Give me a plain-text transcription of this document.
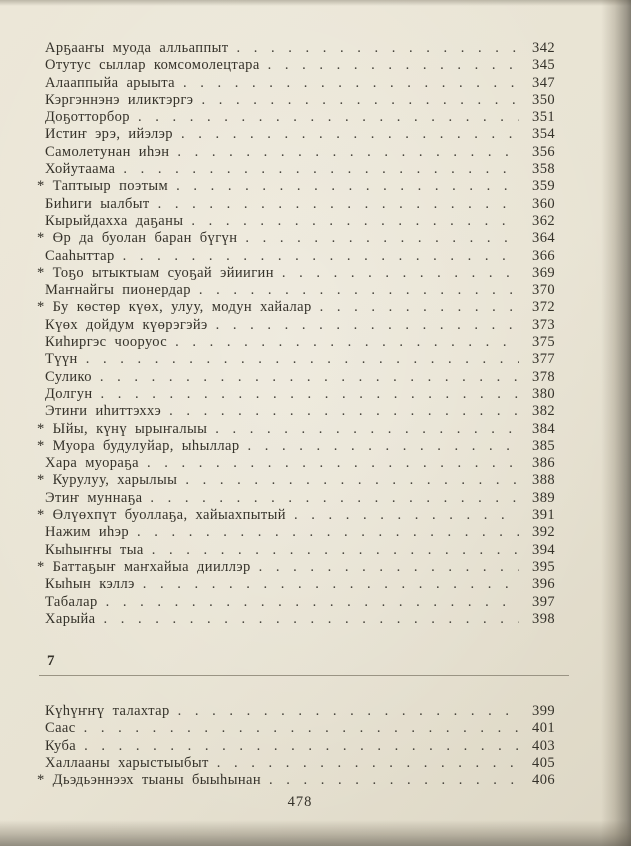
Арҕааҥы муода алльаппыт . . .	342
Отутус сыллар комсомолецтара . . .	345
Алааппыйа арыыта . . .	347
Кэргэннэнэ иликтэргэ . . .	350
Доҕотторбор . . .	351
Истиҥ эрэ, ийэлэр . . .	354
Самолетунан иһэн . . .	356
Хойутаама . . .	358
* Таптыыр поэтым . . .	359
Биһиги ыалбыт . . .	360
Кырыйдахха даҕаны . . .	362
* Өр да буолан баран бүгүн . . .	364
Сааһыттар . . .	366
* Тоҕо ытыктыам суоҕай эйиигин . . .	369
Маҥнайгы пионердар . . .	370
* Бу көстөр күөх, улуу, модун хайалар . . .	372
Күөх дойдум күөрэгэйэ . . .	373
Киһиргэс чооруос . . .	375
Түүн . . .	377
Сулико . . .	378
Долгун . . .	380
Этиҥи иһиттэххэ . . .	382
* Ыйы, күнү ырыҥалыы . . .	384
* Муора будулуйар, ыһыллар . . .	385
Хара муораҕа . . .	386
* Курулуу, харылыы . . .	388
Этиҥ муннаҕа . . .	389
* Өлүөхпүт буоллаҕа, хайыахпытый . . .	391
Нажим иһэр . . .	392
Кыһыҥҥы тыа . . .	394
* Баттаҕыҥ маҥхайыа дииллэр . . .	395
Кыһын кэллэ . . .	396
Табалар . . .	397
Харыйа . . .	398
7
Күһүҥҥү талахтар . . .	399
Саас . . .	401
Куба . . .	403
Халлааны харыстыыбыт . . .	405
* Дьэдьэннээх тыаны быыһынан . . .	406
478
